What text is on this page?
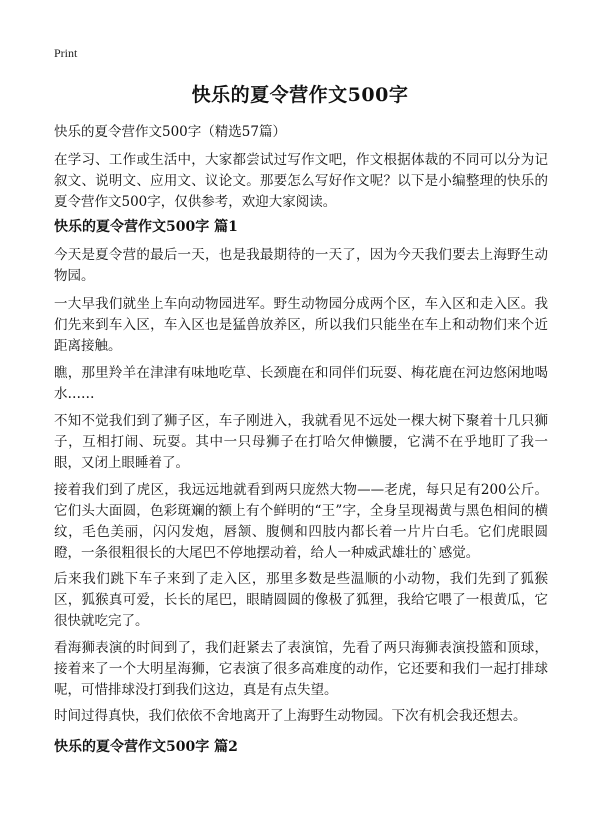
Print
快乐的夏令营作文500字
快乐的夏令营作文500字（精选57篇）

在学习、工作或生活中，大家都尝试过写作文吧，作文根据体裁的不同可以分为记叙文、说明文、应用文、议论文。那要怎么写好作文呢？以下是小编整理的快乐的夏令营作文500字，仅供参考，欢迎大家阅读。

快乐的夏令营作文500字 篇1

今天是夏令营的最后一天，也是我最期待的一天了，因为今天我们要去上海野生动物园。

一大早我们就坐上车向动物园进军。野生动物园分成两个区，车入区和走入区。我们先来到车入区，车入区也是猛兽放养区，所以我们只能坐在车上和动物们来个近距离接触。

瞧，那里羚羊在津津有味地吃草、长颈鹿在和同伴们玩耍、梅花鹿在河边悠闲地喝水……

不知不觉我们到了狮子区，车子刚进入，我就看见不远处一棵大树下聚着十几只狮子，互相打闹、玩耍。其中一只母狮子在打哈欠伸懒腰，它满不在乎地盯了我一眼，又闭上眼睡着了。

接着我们到了虎区，我远远地就看到两只庞然大物——老虎，每只足有200公斤。它们头大面圆，色彩斑斓的额上有个鲜明的“王”字，全身呈现褐黄与黑色相间的横纹，毛色美丽，闪闪发炮，唇颔、腹侧和四肢内都长着一片片白毛。它们虎眼圆瞪，一条很粗很长的大尾巴不停地摆动着，给人一种威武雄壮的`感觉。

后来我们跳下车子来到了走入区，那里多数是些温顺的小动物，我们先到了狐猴区，狐猴真可爱，长长的尾巴，眼睛圆圆的像极了狐狸，我给它喂了一根黄瓜，它很快就吃完了。

看海狮表演的时间到了，我们赶紧去了表演馆，先看了两只海狮表演投篮和顶球，接着来了一个大明星海狮，它表演了很多高难度的动作，它还要和我们一起打排球呢，可惜排球没打到我们这边，真是有点失望。

时间过得真快，我们依依不舍地离开了上海野生动物园。下次有机会我还想去。

快乐的夏令营作文500字 篇2
